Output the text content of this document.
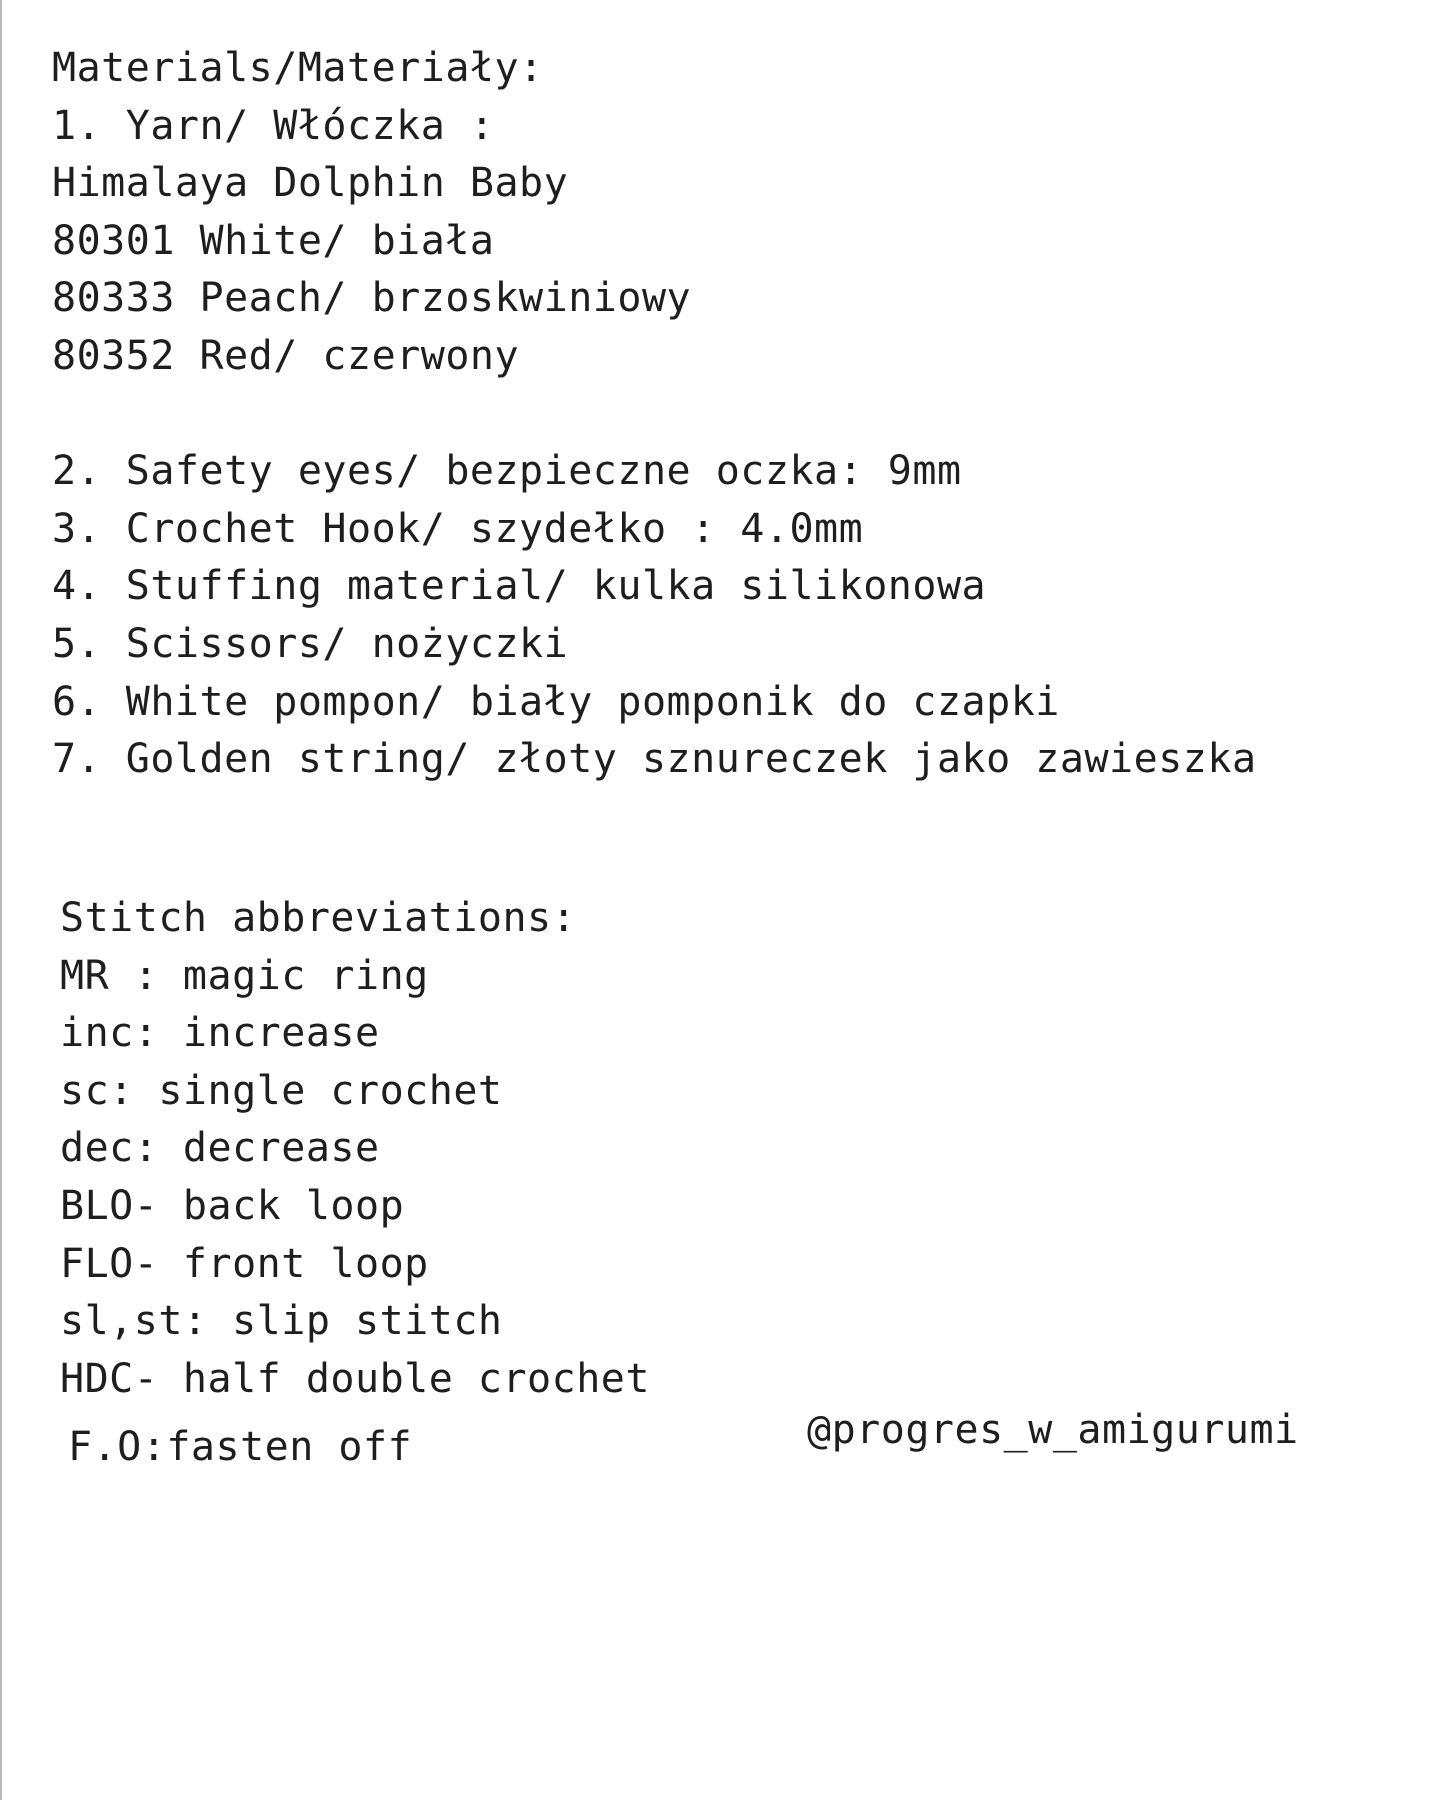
Materials/Materiały:
1. Yarn/ Włóczka :
Himalaya Dolphin Baby
80301 White/ biała
80333 Peach/ brzoskwiniowy
80352 Red/ czerwony
2. Safety eyes/ bezpieczne oczka: 9mm
3. Crochet Hook/ szydełko : 4.0mm
4. Stuffing material/ kulka silikonowa
5. Scissors/ nożyczki
6. White pompon/ biały pomponik do czapki
7. Golden string/ złoty sznureczek jako zawieszka
Stitch abbreviations:
MR : magic ring
inc: increase
sc: single crochet
dec: decrease
BLO- back loop
FLO- front loop
sl,st: slip stitch
HDC- half double crochet
F.O:fasten off	@progres_w_amigurumi
